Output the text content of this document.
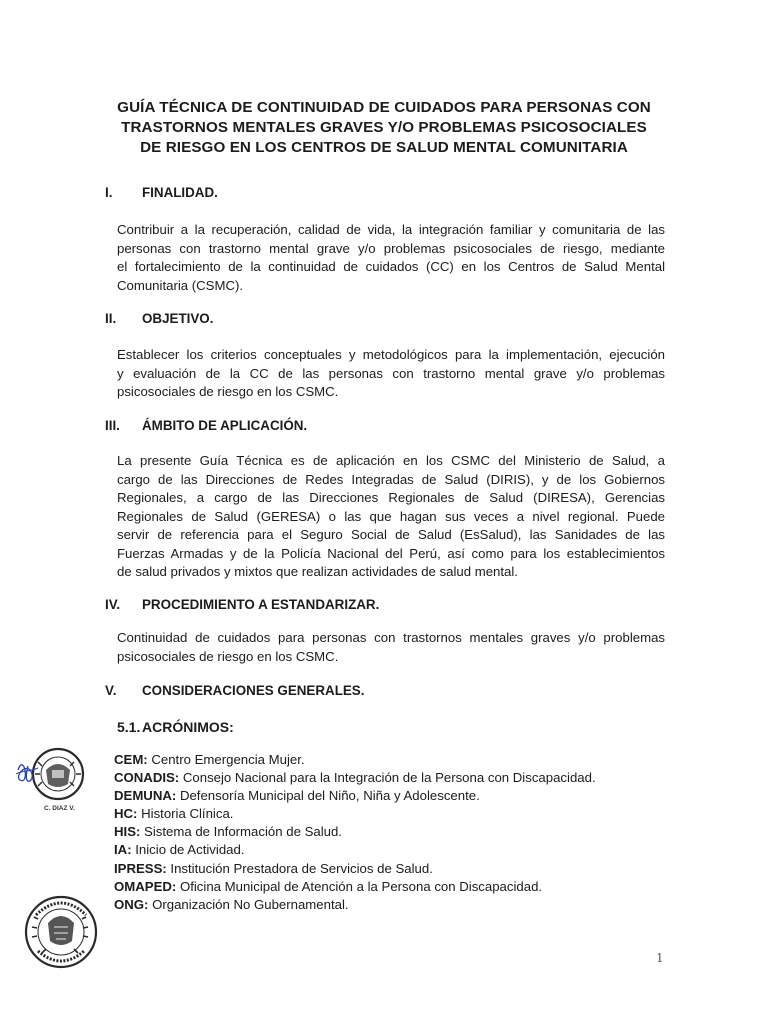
GUÍA TÉCNICA DE CONTINUIDAD DE CUIDADOS PARA PERSONAS CON
TRASTORNOS MENTALES GRAVES Y/O PROBLEMAS PSICOSOCIALES
DE RIESGO EN LOS CENTROS DE SALUD MENTAL COMUNITARIA
I. FINALIDAD.
Contribuir a la recuperación, calidad de vida, la integración familiar y comunitaria de las
personas con trastorno mental grave y/o problemas psicosociales de riesgo, mediante
el fortalecimiento de la continuidad de cuidados (CC) en los Centros de Salud Mental
Comunitaria (CSMC).
II. OBJETIVO.
Establecer los criterios conceptuales y metodológicos para la implementación, ejecución
y evaluación de la CC de las personas con trastorno mental grave y/o problemas
psicosociales de riesgo en los CSMC.
III. ÁMBITO DE APLICACIÓN.
La presente Guía Técnica es de aplicación en los CSMC del Ministerio de Salud, a
cargo de las Direcciones de Redes Integradas de Salud (DIRIS), y de los Gobiernos
Regionales, a cargo de las Direcciones Regionales de Salud (DIRESA), Gerencias
Regionales de Salud (GERESA) o las que hagan sus veces a nivel regional. Puede
servir de referencia para el Seguro Social de Salud (EsSalud), las Sanidades de las
Fuerzas Armadas y de la Policía Nacional del Perú, así como para los establecimientos
de salud privados y mixtos que realizan actividades de salud mental.
IV. PROCEDIMIENTO A ESTANDARIZAR.
Continuidad de cuidados para personas con trastornos mentales graves y/o problemas
psicosociales de riesgo en los CSMC.
V. CONSIDERACIONES GENERALES.
5.1. ACRÓNIMOS:
CEM: Centro Emergencia Mujer.
CONADIS: Consejo Nacional para la Integración de la Persona con Discapacidad.
DEMUNA: Defensoría Municipal del Niño, Niña y Adolescente.
HC: Historia Clínica.
HIS: Sistema de Información de Salud.
IA: Inicio de Actividad.
IPRESS: Institución Prestadora de Servicios de Salud.
OMAPED: Oficina Municipal de Atención a la Persona con Discapacidad.
ONG: Organización No Gubernamental.
C. DIAZ V.
1
